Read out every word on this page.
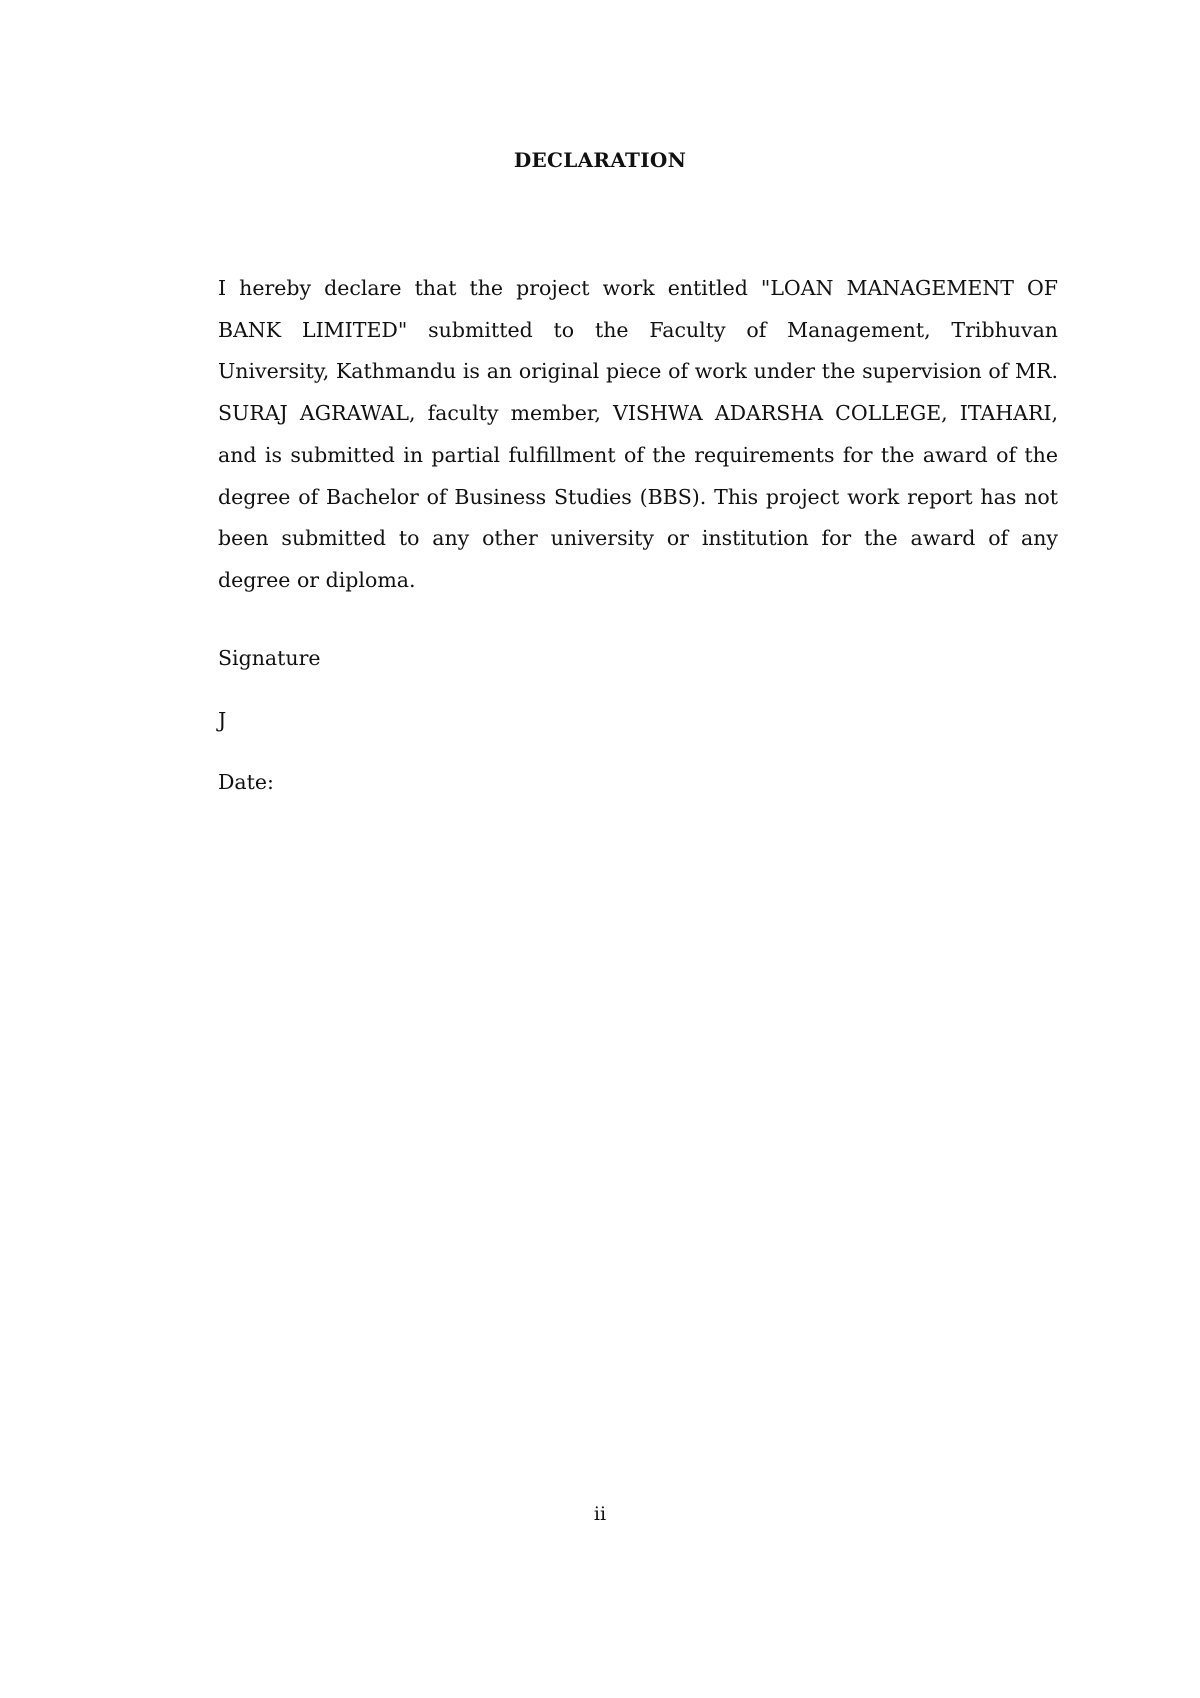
DECLARATION

I hereby declare that the project work entitled "LOAN MANAGEMENT OF BANK LIMITED" submitted to the Faculty of Management, Tribhuvan University, Kathmandu is an original piece of work under the supervision of MR. SURAJ AGRAWAL, faculty member, VISHWA ADARSHA COLLEGE, ITAHARI, and is submitted in partial fulfillment of the requirements for the award of the degree of Bachelor of Business Studies (BBS). This project work report has not been submitted to any other university or institution for the award of any degree or diploma.

Signature
J
Date:
ii
